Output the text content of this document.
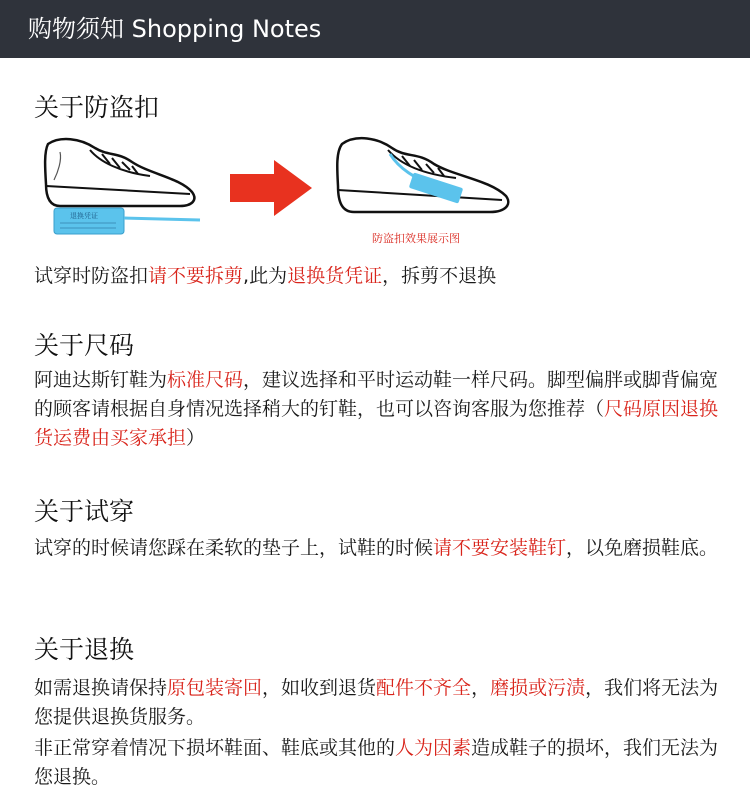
购物须知 Shopping Notes
关于防盗扣
退换凭证
防盗扣效果展示图
试穿时防盗扣请不要拆剪,此为退换货凭证，拆剪不退换
关于尺码
阿迪达斯钉鞋为标准尺码，建议选择和平时运动鞋一样尺码。脚型偏胖或脚背偏宽的顾客请根据自身情况选择稍大的钉鞋，也可以咨询客服为您推荐（尺码原因退换货运费由买家承担）
关于试穿
试穿的时候请您踩在柔软的垫子上，试鞋的时候请不要安装鞋钉，以免磨损鞋底。
关于退换
如需退换请保持原包装寄回，如收到退货配件不齐全，磨损或污渍，我们将无法为您提供退换货服务。
非正常穿着情况下损坏鞋面、鞋底或其他的人为因素造成鞋子的损坏，我们无法为您退换。
